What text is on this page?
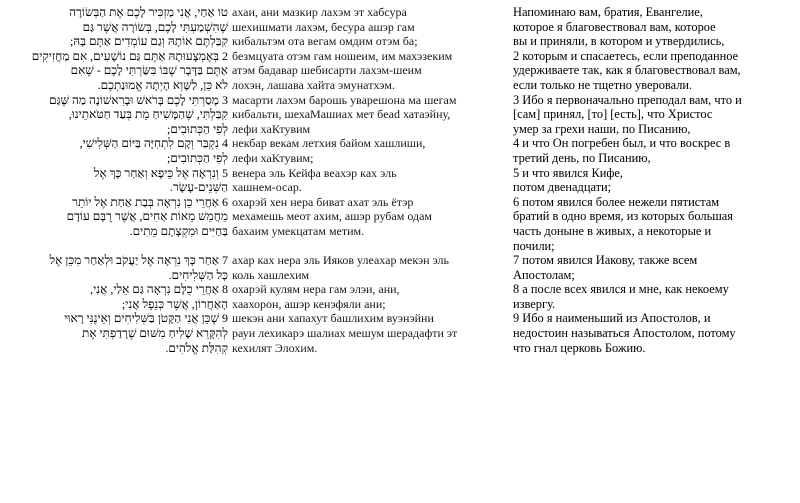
טו אַחַי, אֲנִי מַזְכִּיר לָכֶם אֶת הַבְּשׂוֹרָה
שֶׁהִשְׁמַעְתִּי לָכֶם, בְּשׂוֹרָה אֲשֶׁר גַּם
קִבַּלְתֶּם אוֹתָהּ וְגַם עוֹמְדִים אַתֶּם בָּהּ;
2 בְּאֶמְצָעוּתָהּ אַתֶּם גַּם נוֹשָׁעִים, אִם מַחֲזִיקִים
אַתֶּם בַּדָּבָר שֶׁבּוֹ בִּשַּׂרְתִּי לָכֶם - שֶׁאִם
לֹא כֵּן, לַשָּׁוְא הָיְתָה אֱמוּנַתְכֶם.
3 מָסַרְתִּי לָכֶם בָּרֹאשׁ וּבָרִאשׁוֹנָה מַה שֶּׁגַּם
קִבַּלְתִּי, שֶׁהַמָּשִׁיחַ מֵת בְּעַד חַטֹּאתֵינוּ,
לְפִי הַכְּתוּבִים;
4 נִקְבַּר וְקָם לִתְחִיָּה בַּיּוֹם הַשְּׁלִישִׁי,
לְפִי הַכְּתוּבִים;
5 וְנִרְאָה אֶל כֵּיפָא וְאַחַר כָּךְ אֶל
הַשְּׁנֵים-עָשָׂר.
6 אַחֲרֵי כֵן נִרְאָה בְּבַת אַחַת אֶל יוֹתֵר
מֵחֲמֵשׁ מֵאוֹת אַחִים, אֲשֶׁר רֻבָּם עוֹדָם
בַּחַיִּים וּמִקְצָתָם מֵתִים.
7 אַחַר כָּךְ נִרְאָה אֶל יַעֲקֹב וּלְאַחַר מִכֵּן אֶל
כָּל הַשְּׁלִיחִים.
8 אַחֲרֵי כֻלָּם נִרְאָה גַּם אֵלַי, אֲנִי,
הָאַחֲרוֹן, אֲשֶׁר כְּנֵפֶל אֲנִי;
9 שֶׁכֵּן אֲנִי הַקָּטֹן בַּשְּׁלִיחִים וְאֵינֶנִּי רָאוּי
לְהִקָּרֵא שָׁלִיחַ מִשּׁוּם שֶׁרָדַפְתִּי אֶת
קְהִלַּת אֱלֹהִים.
ахаи, ани мазкир лахэм эт хабсура
шехишмати лахэм, бесура ашэр гам
кибальтэм ота вегам омдим отэм ба;
безмцуата отэм гам ношеим, им махэзеким
атэм бадавар шебисарти лахэм-шеим
лохэн, лашава хайта эмунатхэм.
масарти лахэм барошь уварешона ма шегам
кибальти, шехаМашиах мет бead хатаэйну,
лефи хаКтувим
некбар векам летхия байом хашлиши,
лефи хаКтувим;
венера эль Кейфа веахэр ках эль
хашнем-осар.
охарэй хен нера биват ахат эль ётэр
мехамешь меот ахим, ашэр рубам одам
бахаим умекцатам метим.
ахар ках нера эль Ияков улеахар мекэн эль
коль хашлехим
охарэй кулям нера гам элэи, ани,
хаахорон, ашэр кенэфяли ани;
шекэн ани хапахут башлихим вуэнэйни
рауи лехикарэ шалиах мешум шерадафти эт
кехилят Элохим.
Напоминаю вам, братия, Евангелие,
которое я благовествовал вам, которое
вы и приняли, в котором и утвердились,
2 которым и спасаетесь, если преподанное
удерживаете так, как я благовествовал вам,
если только не тщетно уверовали.
3 Ибо я первоначально преподал вам, что и
[сам] принял, [то] [есть], что Христос
умер за грехи наши, по Писанию,
4 и что Он погребен был, и что воскрес в
третий день, по Писанию,
5 и что явился Кифе,
потом двенадцати;
6 потом явился более нежели пятистам
братий в одно время, из которых большая
часть доныне в живых, а некоторые и
почили;
7 потом явился Иакову, также всем
Апостолам;
8 а после всех явился и мне, как некоему
извергу.
9 Ибо я наименьший из Апостолов, и
недостоин называться Апостолом, потому
что гнал церковь Божию.
